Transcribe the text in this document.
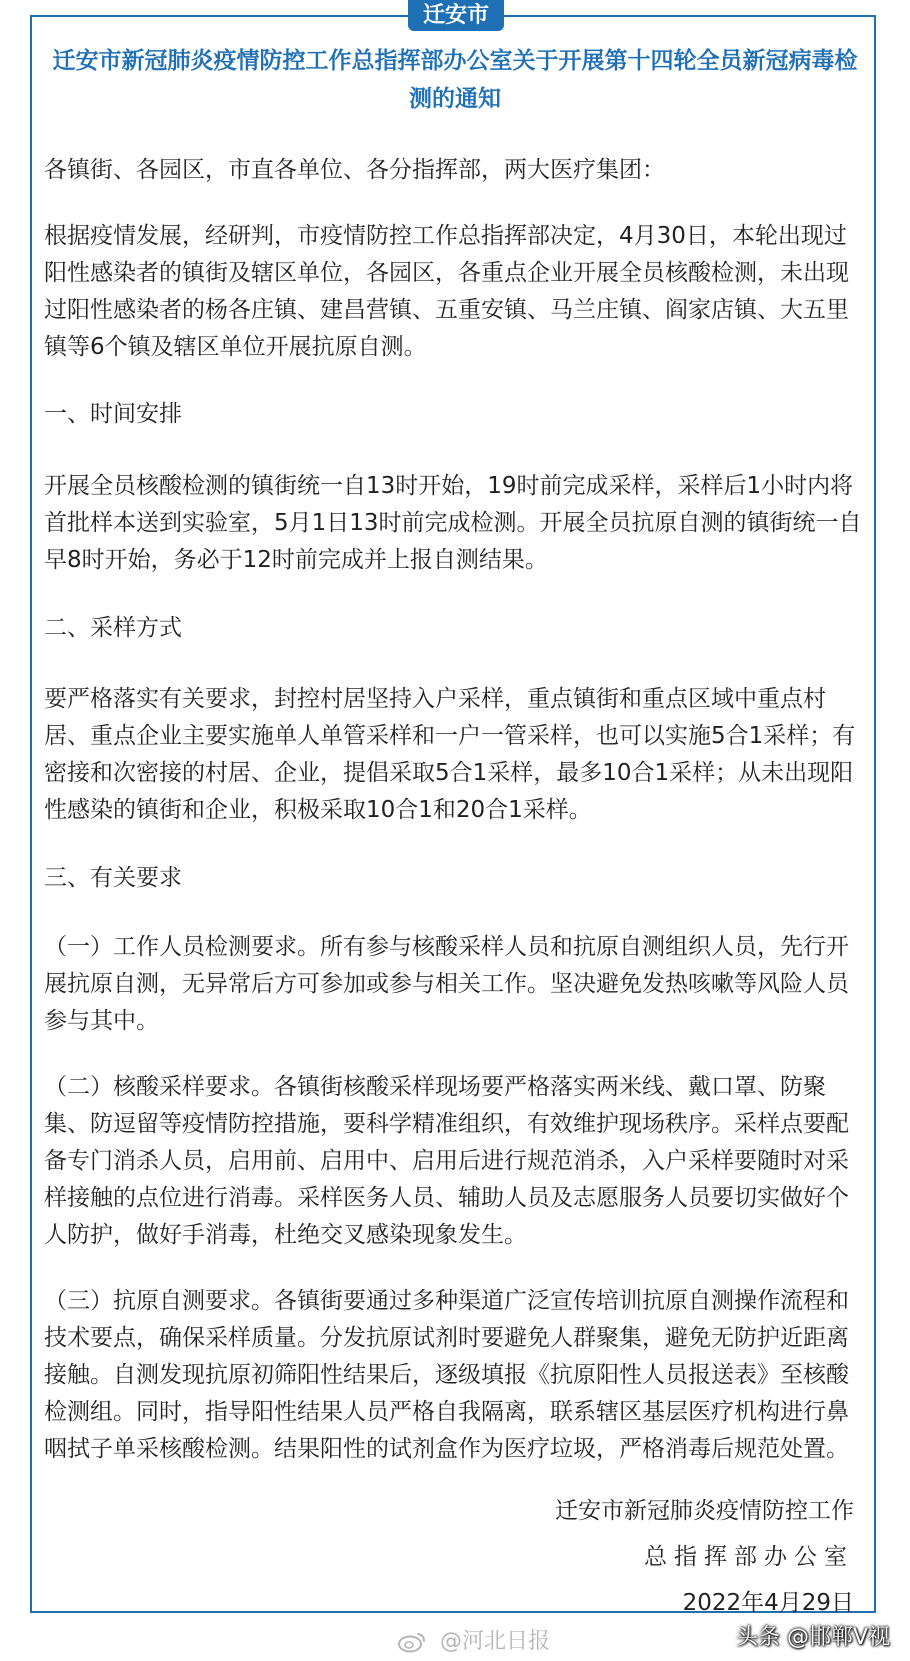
迁安市
迁安市新冠肺炎疫情防控工作总指挥部办公室关于开展第十四轮全员新冠病毒检
测的通知
各镇街、各园区，市直各单位、各分指挥部，两大医疗集团：
根据疫情发展，经研判，市疫情防控工作总指挥部决定，4月30日，本轮出现过阳性感染者的镇街及辖区单位，各园区，各重点企业开展全员核酸检测，未出现过阳性感染者的杨各庄镇、建昌营镇、五重安镇、马兰庄镇、阎家店镇、大五里镇等6个镇及辖区单位开展抗原自测。
一、时间安排
开展全员核酸检测的镇街统一自13时开始，19时前完成采样，采样后1小时内将首批样本送到实验室，5月1日13时前完成检测。开展全员抗原自测的镇街统一自早8时开始，务必于12时前完成并上报自测结果。
二、采样方式
要严格落实有关要求，封控村居坚持入户采样，重点镇街和重点区域中重点村居、重点企业主要实施单人单管采样和一户一管采样，也可以实施5合1采样；有密接和次密接的村居、企业，提倡采取5合1采样，最多10合1采样；从未出现阳性感染的镇街和企业，积极采取10合1和20合1采样。
三、有关要求
（一）工作人员检测要求。所有参与核酸采样人员和抗原自测组织人员，先行开展抗原自测，无异常后方可参加或参与相关工作。坚决避免发热咳嗽等风险人员参与其中。
（二）核酸采样要求。各镇街核酸采样现场要严格落实两米线、戴口罩、防聚集、防逗留等疫情防控措施，要科学精准组织，有效维护现场秩序。采样点要配备专门消杀人员，启用前、启用中、启用后进行规范消杀，入户采样要随时对采样接触的点位进行消毒。采样医务人员、辅助人员及志愿服务人员要切实做好个人防护，做好手消毒，杜绝交叉感染现象发生。
（三）抗原自测要求。各镇街要通过多种渠道广泛宣传培训抗原自测操作流程和技术要点，确保采样质量。分发抗原试剂时要避免人群聚集，避免无防护近距离接触。自测发现抗原初筛阳性结果后，逐级填报《抗原阳性人员报送表》至核酸检测组。同时，指导阳性结果人员严格自我隔离，联系辖区基层医疗机构进行鼻咽拭子单采核酸检测。结果阳性的试剂盒作为医疗垃圾，严格消毒后规范处置。
迁安市新冠肺炎疫情防控工作
总指挥部办公室
2022年4月29日
@河北日报	头条 @邯郸V视
